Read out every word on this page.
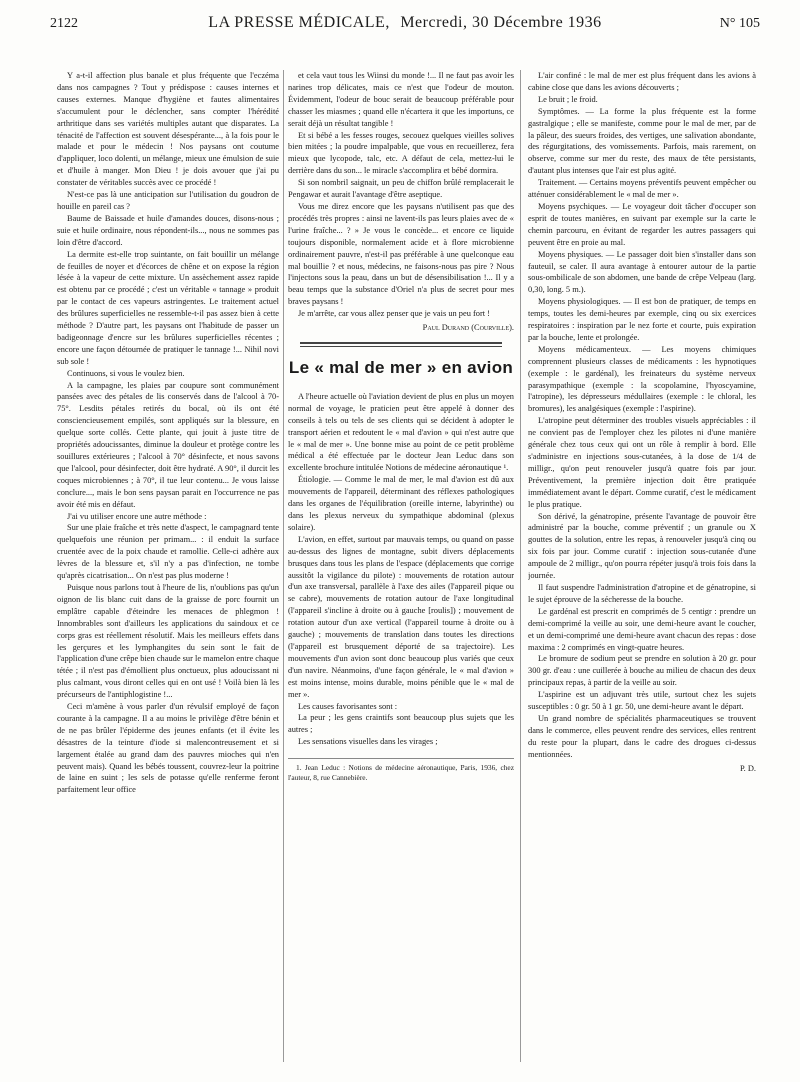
2122	LA PRESSE MÉDICALE, Mercredi, 30 Décembre 1936	N° 105

Y a-t-il affection plus banale et plus fréquente que l'eczéma dans nos campagnes ? Tout y prédispose : causes internes et causes externes. Manque d'hygiène et fautes alimentaires s'accumulent pour le déclencher, sans compter l'hérédité arthritique dans ses variétés multiples autant que disparates. La ténacité de l'affection est souvent désespérante..., à la fois pour le malade et pour le médecin ! Nos paysans ont coutume d'appliquer, loco dolenti, un mélange, mieux une émulsion de suie et d'huile à manger. Mon Dieu ! je dois avouer que j'ai pu constater de véritables succès avec ce procédé !

N'est-ce pas là une anticipation sur l'utilisation du goudron de houille en pareil cas ?

Baume de Baissade et huile d'amandes douces, disons-nous ; suie et huile ordinaire, nous répondent-ils..., nous ne sommes pas loin d'être d'accord.

La dermite est-elle trop suintante, on fait bouillir un mélange de feuilles de noyer et d'écorces de chêne et on expose la région lésée à la vapeur de cette mixture. Un assèchement assez rapide est obtenu par ce procédé ; c'est un véritable « tannage » produit par le contact de ces vapeurs astringentes. Le traitement actuel des brûlures superficielles ne ressemble-t-il pas assez bien à cette méthode ? D'autre part, les paysans ont l'habitude de passer un badigeonnage d'encre sur les brûlures superficielles récentes ; encore une façon détournée de pratiquer le tannage !... Nihil novi sub sole !

Continuons, si vous le voulez bien.

A la campagne, les plaies par coupure sont communément pansées avec des pétales de lis conservés dans de l'alcool à 70-75°. Lesdits pétales retirés du bocal, où ils ont été consciencieusement empilés, sont appliqués sur la blessure, en quelque sorte collés. Cette plante, qui jouit à juste titre de propriétés adoucissantes, diminue la douleur et protège contre les souillures extérieures ; l'alcool à 70° désinfecte, et nous savons que l'alcool, pour désinfecter, doit être hydraté. A 90°, il durcit les coques microbiennes ; à 70°, il tue leur contenu... Je vous laisse conclure..., mais le bon sens paysan parait en l'occurrence ne pas avoir été mis en défaut.

J'ai vu utiliser encore une autre méthode :

Sur une plaie fraîche et très nette d'aspect, le campagnard tente quelquefois une réunion per primam... : il enduit la surface cruentée avec de la poix chaude et ramollie. Celle-ci adhère aux lèvres de la blessure et, s'il n'y a pas d'infection, ne tombe qu'après cicatrisation... On n'est pas plus moderne !

Puisque nous parlons tout à l'heure de lis, n'oublions pas qu'un oignon de lis blanc cuit dans de la graisse de porc fournit un emplâtre capable d'éteindre les menaces de phlegmon ! Innombrables sont d'ailleurs les applications du saindoux et ce corps gras est réellement résolutif. Mais les meilleurs effets dans les gerçures et les lymphangites du sein sont le fait de l'application d'une crêpe bien chaude sur le mamelon entre chaque tétée ; il n'est pas d'émollient plus onctueux, plus adoucissant ni plus calmant, vous diront celles qui en ont usé ! Voilà bien là les précurseurs de l'antiphlogistine !...

Ceci m'amène à vous parler d'un révulsif employé de façon courante à la campagne. Il a au moins le privilège d'être bénin et de ne pas brûler l'épiderme des jeunes enfants (et il évite les désastres de la teinture d'iode si malencontreusement et si largement étalée au grand dam des pauvres mioches qui n'en peuvent mais). Quand les bébés toussent, couvrez-leur la poitrine de laine en suint ; les sels de potasse qu'elle renferme feront parfaitement leur office

et cela vaut tous les Wiinsi du monde !... Il ne faut pas avoir les narines trop délicates, mais ce n'est que l'odeur de mouton. Évidemment, l'odeur de bouc serait de beaucoup préférable pour chasser les miasmes ; quand elle n'écartera it que les importuns, ce serait déjà un résultat tangible !

Et si bébé a les fesses rouges, secouez quelques vieilles solives bien mitées ; la poudre impalpable, que vous en recueillerez, fera mieux que lycopode, talc, etc. A défaut de cela, mettez-lui le derrière dans du son... le miracle s'accomplira et bébé dormira.

Si son nombril saignait, un peu de chiffon brûlé remplacerait le Pengawar et aurait l'avantage d'être aseptique.

Vous me direz encore que les paysans n'utilisent pas que des procédés très propres : ainsi ne lavent-ils pas leurs plaies avec de « l'urine fraîche... ? » Je vous le concède... et encore ce liquide toujours disponible, normalement acide et à flore microbienne ordinairement pauvre, n'est-il pas préférable à une quelconque eau mal bouillie ? et nous, médecins, ne faisons-nous pas pire ? Nous l'injectons sous la peau, dans un but de désensibilisation !... Il y a beau temps que la substance d'Oriel n'a plus de secret pour mes braves paysans !

Je m'arrête, car vous allez penser que je vais un peu fort !

Paul Durand (Courville).
Le « mal de mer » en avion

A l'heure actuelle où l'aviation devient de plus en plus un moyen normal de voyage, le praticien peut être appelé à donner des conseils à tels ou tels de ses clients qui se décident à adopter le transport aérien et redoutent le « mal d'avion » qui n'est autre que le « mal de mer ». Une bonne mise au point de ce petit problème médical a été effectuée par le docteur Jean Leduc dans son excellente brochure intitulée Notions de médecine aéronautique ¹.

Étiologie. — Comme le mal de mer, le mal d'avion est dû aux mouvements de l'appareil, déterminant des réflexes pathologiques dans les organes de l'équilibration (oreille interne, labyrinthe) ou dans les plexus nerveux du sympathique abdominal (plexus solaire).

L'avion, en effet, surtout par mauvais temps, ou quand on passe au-dessus des lignes de montagne, subit divers déplacements brusques dans tous les plans de l'espace (déplacements que corrige aussitôt la vigilance du pilote) : mouvements de rotation autour d'un axe transversal, parallèle à l'axe des ailes (l'appareil pique ou se cabre), mouvements de rotation autour de l'axe longitudinal (l'appareil s'incline à droite ou à gauche [roulis]) ; mouvement de rotation autour d'un axe vertical (l'appareil tourne à droite ou à gauche) ; mouvements de translation dans toutes les directions (l'appareil est brusquement déporté de sa trajectoire). Les mouvements d'un avion sont donc beaucoup plus variés que ceux d'un navire. Néanmoins, d'une façon générale, le « mal d'avion » est moins intense, moins durable, moins pénible que le « mal de mer ».

Les causes favorisantes sont :

La peur ; les gens craintifs sont beaucoup plus sujets que les autres ;

Les sensations visuelles dans les virages ;

1. Jean Leduc : Notions de médecine aéronautique, Paris, 1936, chez l'auteur, 8, rue Cannebière.

L'air confiné : le mal de mer est plus fréquent dans les avions à cabine close que dans les avions découverts ;

Le bruit ; le froid.

Symptômes. — La forme la plus fréquente est la forme gastralgique ; elle se manifeste, comme pour le mal de mer, par de la pâleur, des sueurs froides, des vertiges, une salivation abondante, des régurgitations, des vomissements. Parfois, mais rarement, on observe, comme sur mer du reste, des maux de tête persistants, d'autant plus intenses que l'air est plus agité.

Traitement. — Certains moyens préventifs peuvent empêcher ou atténuer considérablement le « mal de mer ».

Moyens psychiques. — Le voyageur doit tâcher d'occuper son esprit de toutes manières, en suivant par exemple sur la carte le chemin parcouru, en évitant de regarder les autres passagers qui peuvent être en proie au mal.

Moyens physiques. — Le passager doit bien s'installer dans son fauteuil, se caler. Il aura avantage à entourer autour de la partie sous-ombilicale de son abdomen, une bande de crêpe Velpeau (larg. 0,30, long. 5 m.).

Moyens physiologiques. — Il est bon de pratiquer, de temps en temps, toutes les demi-heures par exemple, cinq ou six exercices respiratoires : inspiration par le nez forte et courte, puis expiration par la bouche, lente et prolongée.

Moyens médicamenteux. — Les moyens chimiques comprennent plusieurs classes de médicaments : les hypnotiques (exemple : le gardénal), les freinateurs du système nerveux parasympathique (exemple : la scopolamine, l'hyoscyamine, l'atropine), les dépresseurs médullaires (exemple : le chloral, les bromures), les analgésiques (exemple : l'aspirine).

L'atropine peut déterminer des troubles visuels appréciables : il ne convient pas de l'employer chez les pilotes ni d'une manière générale chez tous ceux qui ont un rôle à remplir à bord. Elle s'administre en injections sous-cutanées, à la dose de 1/4 de milligr., qu'on peut renouveler jusqu'à quatre fois par jour. Préventivement, la première injection doit être pratiquée immédiatement avant le départ. Comme curatif, c'est le médicament le plus pratique.

Son dérivé, la génatropine, présente l'avantage de pouvoir être administré par la bouche, comme préventif ; un granule ou X gouttes de la solution, entre les repas, à renouveler jusqu'à cinq ou six fois par jour. Comme curatif : injection sous-cutanée d'une ampoule de 2 milligr., qu'on pourra répéter jusqu'à trois fois dans la journée.

Il faut suspendre l'administration d'atropine et de génatropine, si le sujet éprouve de la sécheresse de la bouche.

Le gardénal est prescrit en comprimés de 5 centigr : prendre un demi-comprimé la veille au soir, une demi-heure avant le coucher, et un demi-comprimé une demi-heure avant chacun des repas : dose maxima : 2 comprimés en vingt-quatre heures.

Le bromure de sodium peut se prendre en solution à 20 gr. pour 300 gr. d'eau : une cuillerée à bouche au milieu de chacun des deux principaux repas, à partir de la veille au soir.

L'aspirine est un adjuvant très utile, surtout chez les sujets susceptibles : 0 gr. 50 à 1 gr. 50, une demi-heure avant le départ.

Un grand nombre de spécialités pharmaceutiques se trouvent dans le commerce, elles peuvent rendre des services, elles rentrent du reste pour la plupart, dans le cadre des drogues ci-dessus mentionnées.

P. D.
